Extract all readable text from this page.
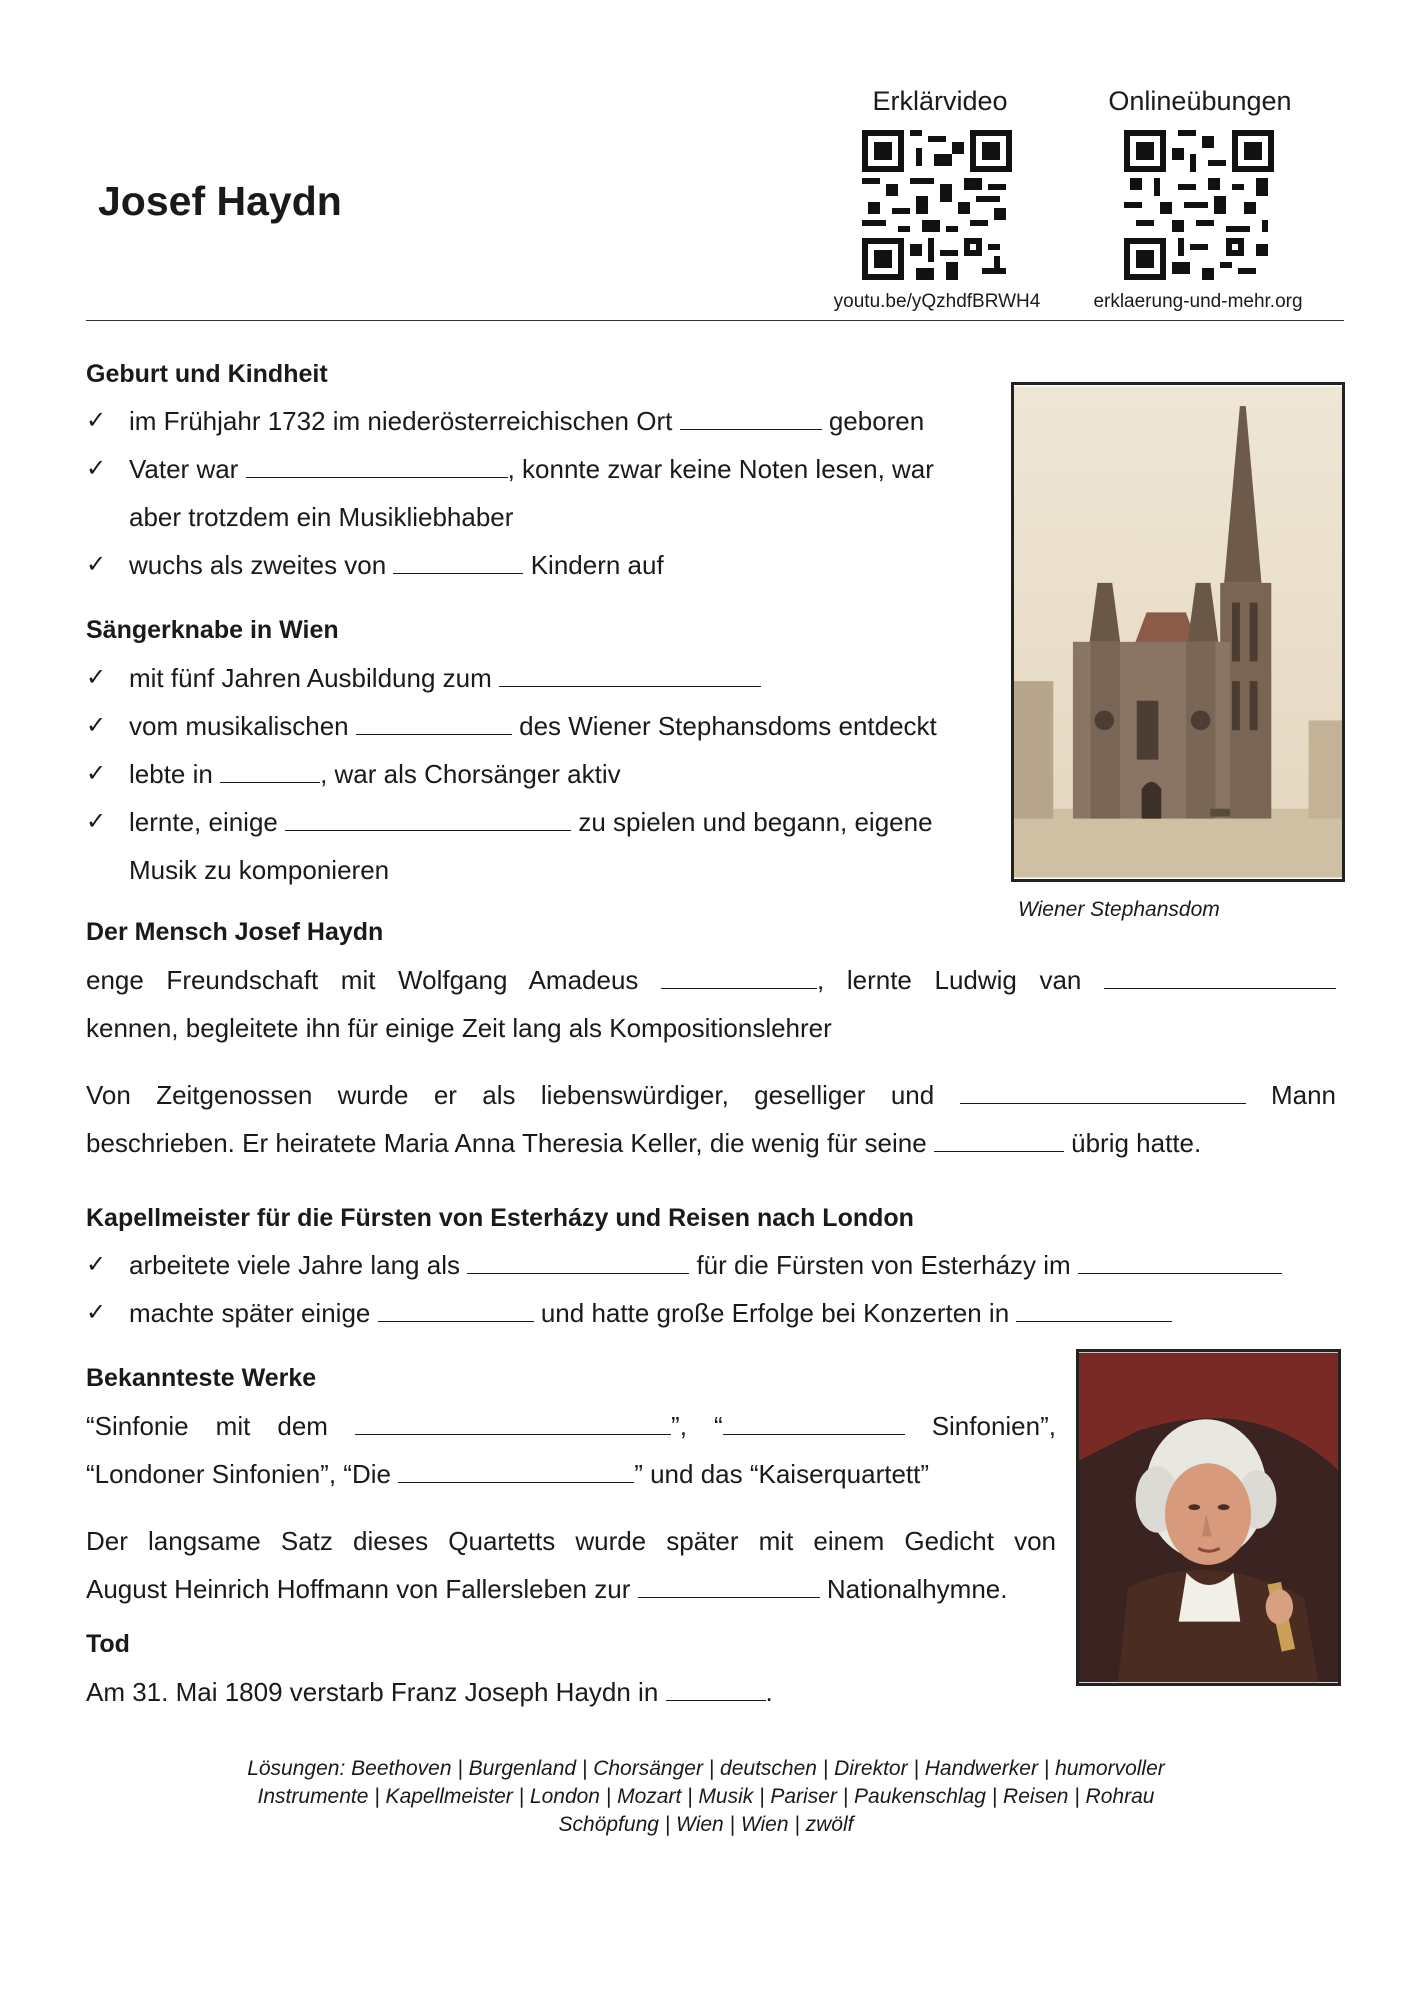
Josef Haydn
Erklärvideo	Onlineübungen
youtu.be/yQzhdfBRWH4	erklaerung-und-mehr.org
Geburt und Kindheit
✓ im Frühjahr 1732 im niederösterreichischen Ort	geboren
✓ Vater war	, konnte zwar keine Noten lesen, war
aber trotzdem ein Musikliebhaber
✓ wuchs als zweites von	Kindern auf
Sängerknabe in Wien
✓ mit fünf Jahren Ausbildung zum
✓ vom musikalischen	des Wiener Stephansdoms entdeckt
✓ lebte in	, war als Chorsänger aktiv
✓ lernte, einige	zu spielen und begann, eigene
Musik zu komponieren
Wiener Stephansdom
Der Mensch Josef Haydn
enge Freundschaft mit Wolfgang Amadeus	, lernte Ludwig van
kennen, begleitete ihn für einige Zeit lang als Kompositionslehrer
Von Zeitgenossen wurde er als liebenswürdiger, geselliger und	Mann
beschrieben. Er heiratete Maria Anna Theresia Keller, die wenig für seine	übrig hatte.
Kapellmeister für die Fürsten von Esterházy und Reisen nach London
✓ arbeitete viele Jahre lang als	für die Fürsten von Esterházy im
✓ machte später einige	und hatte große Erfolge bei Konzerten in
Bekannteste Werke
“Sinfonie mit dem	”, “	Sinfonien”,
“Londoner Sinfonien”, “Die	” und das “Kaiserquartett”
Der langsame Satz dieses Quartetts wurde später mit einem Gedicht von
August Heinrich Hoffmann von Fallersleben zur	Nationalhymne.
Tod
Am 31. Mai 1809 verstarb Franz Joseph Haydn in	.
Lösungen: Beethoven | Burgenland | Chorsänger | deutschen | Direktor | Handwerker | humorvoller
Instrumente | Kapellmeister | London | Mozart | Musik | Pariser | Paukenschlag | Reisen | Rohrau
Schöpfung | Wien | Wien | zwölf
